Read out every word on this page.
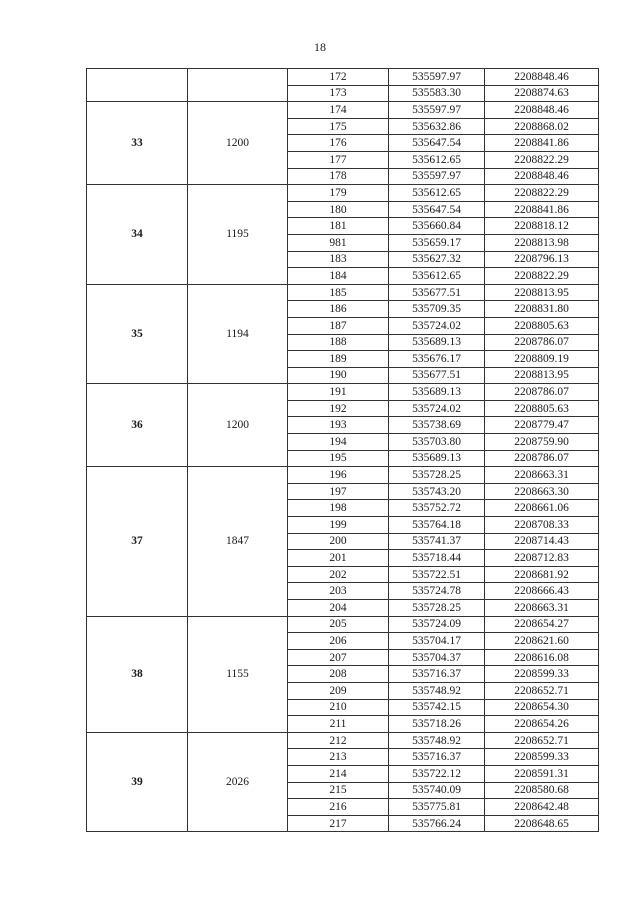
18
		172	535597.97	2208848.46
		173	535583.30	2208874.63
33	1200	174	535597.97	2208848.46
		175	535632.86	2208868.02
		176	535647.54	2208841.86
		177	535612.65	2208822.29
		178	535597.97	2208848.46
34	1195	179	535612.65	2208822.29
		180	535647.54	2208841.86
		181	535660.84	2208818.12
		981	535659.17	2208813.98
		183	535627.32	2208796.13
		184	535612.65	2208822.29
35	1194	185	535677.51	2208813.95
		186	535709.35	2208831.80
		187	535724.02	2208805.63
		188	535689.13	2208786.07
		189	535676.17	2208809.19
		190	535677.51	2208813.95
36	1200	191	535689.13	2208786.07
		192	535724.02	2208805.63
		193	535738.69	2208779.47
		194	535703.80	2208759.90
		195	535689.13	2208786.07
37	1847	196	535728.25	2208663.31
		197	535743.20	2208663.30
		198	535752.72	2208661.06
		199	535764.18	2208708.33
		200	535741.37	2208714.43
		201	535718.44	2208712.83
		202	535722.51	2208681.92
		203	535724.78	2208666.43
		204	535728.25	2208663.31
38	1155	205	535724.09	2208654.27
		206	535704.17	2208621.60
		207	535704.37	2208616.08
		208	535716.37	2208599.33
		209	535748.92	2208652.71
		210	535742.15	2208654.30
		211	535718.26	2208654.26
39	2026	212	535748.92	2208652.71
		213	535716.37	2208599.33
		214	535722.12	2208591.31
		215	535740.09	2208580.68
		216	535775.81	2208642.48
		217	535766.24	2208648.65
